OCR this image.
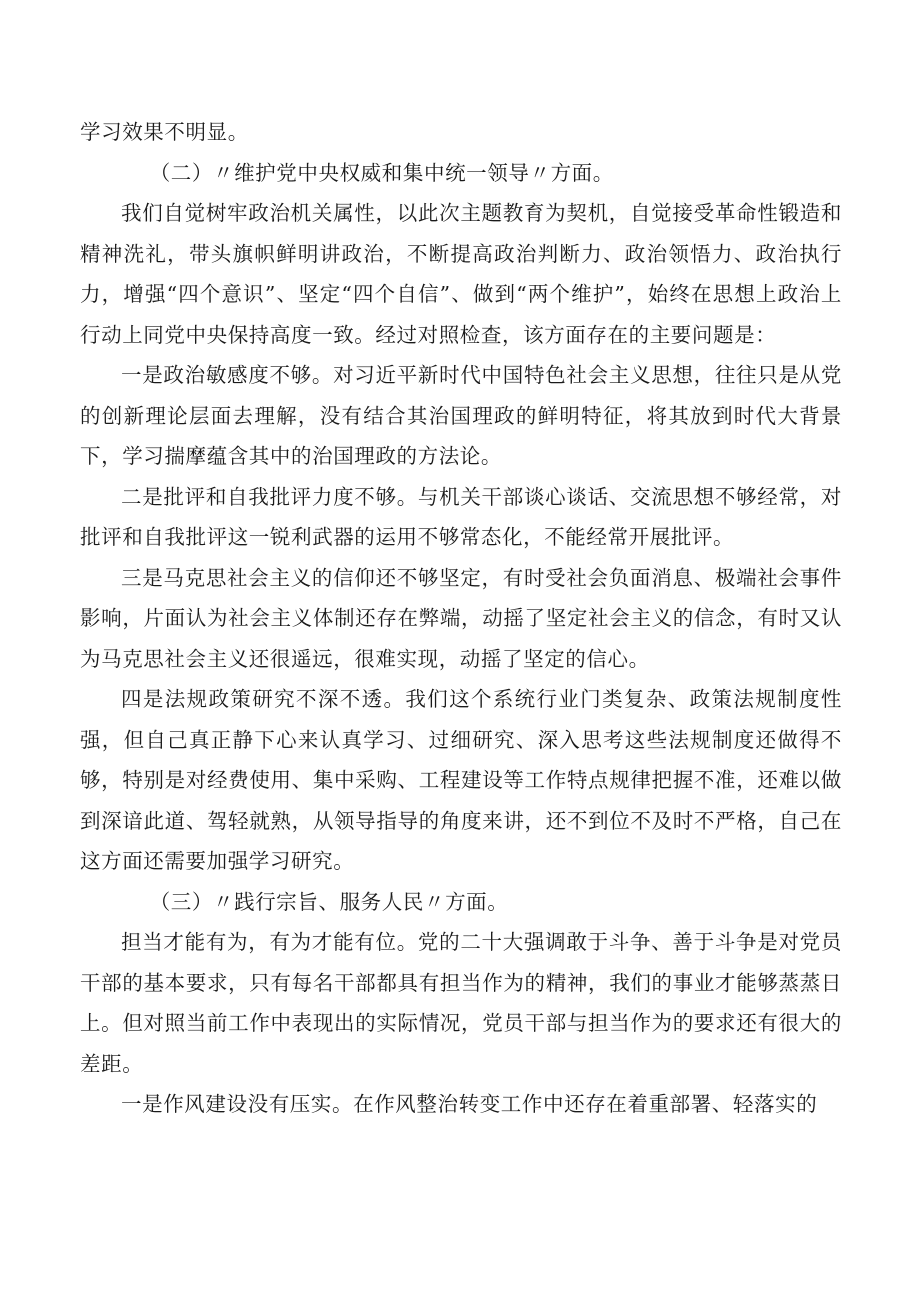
学习效果不明显。

（二）〃维护党中央权威和集中统一领导〃方面。

我们自觉树牢政治机关属性，以此次主题教育为契机，自觉接受革命性锻造和精神洗礼，带头旗帜鲜明讲政治，不断提高政治判断力、政治领悟力、政治执行力，增强“四个意识”、坚定“四个自信”、做到“两个维护”，始终在思想上政治上行动上同党中央保持高度一致。经过对照检查，该方面存在的主要问题是：

一是政治敏感度不够。对习近平新时代中国特色社会主义思想，往往只是从党的创新理论层面去理解，没有结合其治国理政的鲜明特征，将其放到时代大背景下，学习揣摩蕴含其中的治国理政的方法论。

二是批评和自我批评力度不够。与机关干部谈心谈话、交流思想不够经常，对批评和自我批评这一锐利武器的运用不够常态化，不能经常开展批评。

三是马克思社会主义的信仰还不够坚定，有时受社会负面消息、极端社会事件影响，片面认为社会主义体制还存在弊端，动摇了坚定社会主义的信念，有时又认为马克思社会主义还很遥远，很难实现，动摇了坚定的信心。

四是法规政策研究不深不透。我们这个系统行业门类复杂、政策法规制度性强，但自己真正静下心来认真学习、过细研究、深入思考这些法规制度还做得不够，特别是对经费使用、集中采购、工程建设等工作特点规律把握不准，还难以做到深谙此道、驾轻就熟，从领导指导的角度来讲，还不到位不及时不严格，自己在这方面还需要加强学习研究。

（三）〃践行宗旨、服务人民〃方面。

担当才能有为，有为才能有位。党的二十大强调敢于斗争、善于斗争是对党员干部的基本要求，只有每名干部都具有担当作为的精神，我们的事业才能够蒸蒸日上。但对照当前工作中表现出的实际情况，党员干部与担当作为的要求还有很大的差距。

一是作风建设没有压实。在作风整治转变工作中还存在着重部署、轻落实的
